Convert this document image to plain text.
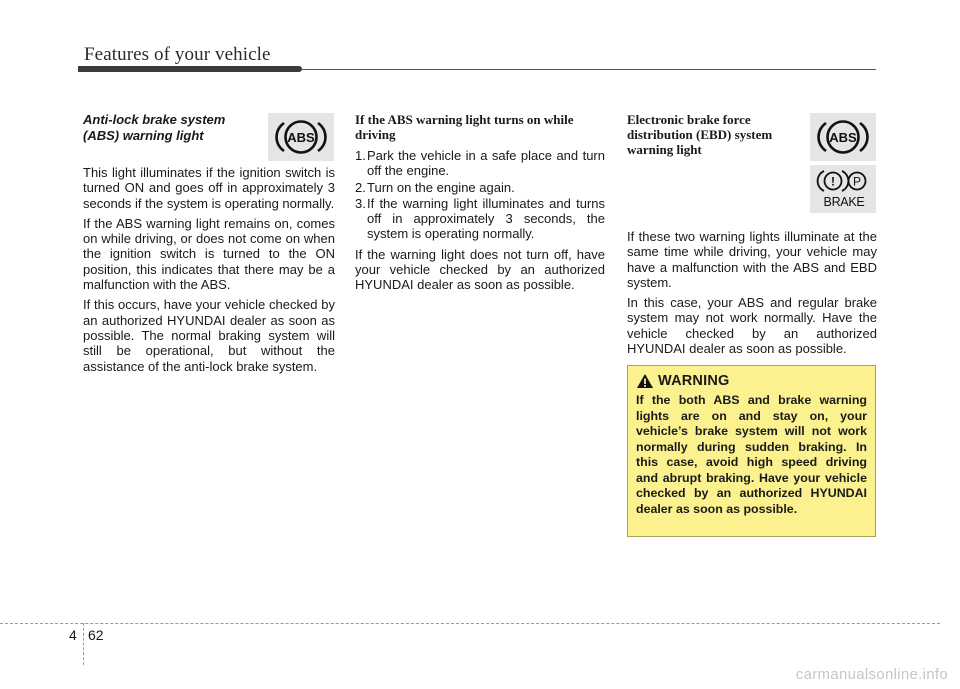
Features of your vehicle
Anti-lock brake system (ABS) warning light

This light illuminates if the ignition switch is turned ON and goes off in approximately 3 seconds if the system is operating normally.

If the ABS warning light remains on, comes on while driving, or does not come on when the ignition switch is turned to the ON position, this indicates that there may be a malfunction with the ABS.

If this occurs, have your vehicle checked by an authorized HYUNDAI dealer as soon as possible. The normal braking system will still be operational, but without the assistance of the anti-lock brake system.

ABS
If the ABS warning light turns on while driving
1. Park the vehicle in a safe place and turn off the engine.
2. Turn on the engine again.
3. If the warning light illuminates and turns off in approximately 3 seconds, the system is operating normally.

If the warning light does not turn off, have your vehicle checked by an authorized HYUNDAI dealer as soon as possible.

Electronic brake force distribution (EBD) system warning light

If these two warning lights illuminate at the same time while driving, your vehicle may have a malfunction with the ABS and EBD system.

In this case, your ABS and regular brake system may not work normally. Have the vehicle checked by an authorized HYUNDAI dealer as soon as possible.

ABS
! P
BRAKE
WARNING

If the both ABS and brake warning lights are on and stay on, your vehicle’s brake system will not work normally during sudden braking. In this case, avoid high speed driving and abrupt braking. Have your vehicle checked by an authorized HYUNDAI dealer as soon as possible.

4 62
carmanualsonline.info
